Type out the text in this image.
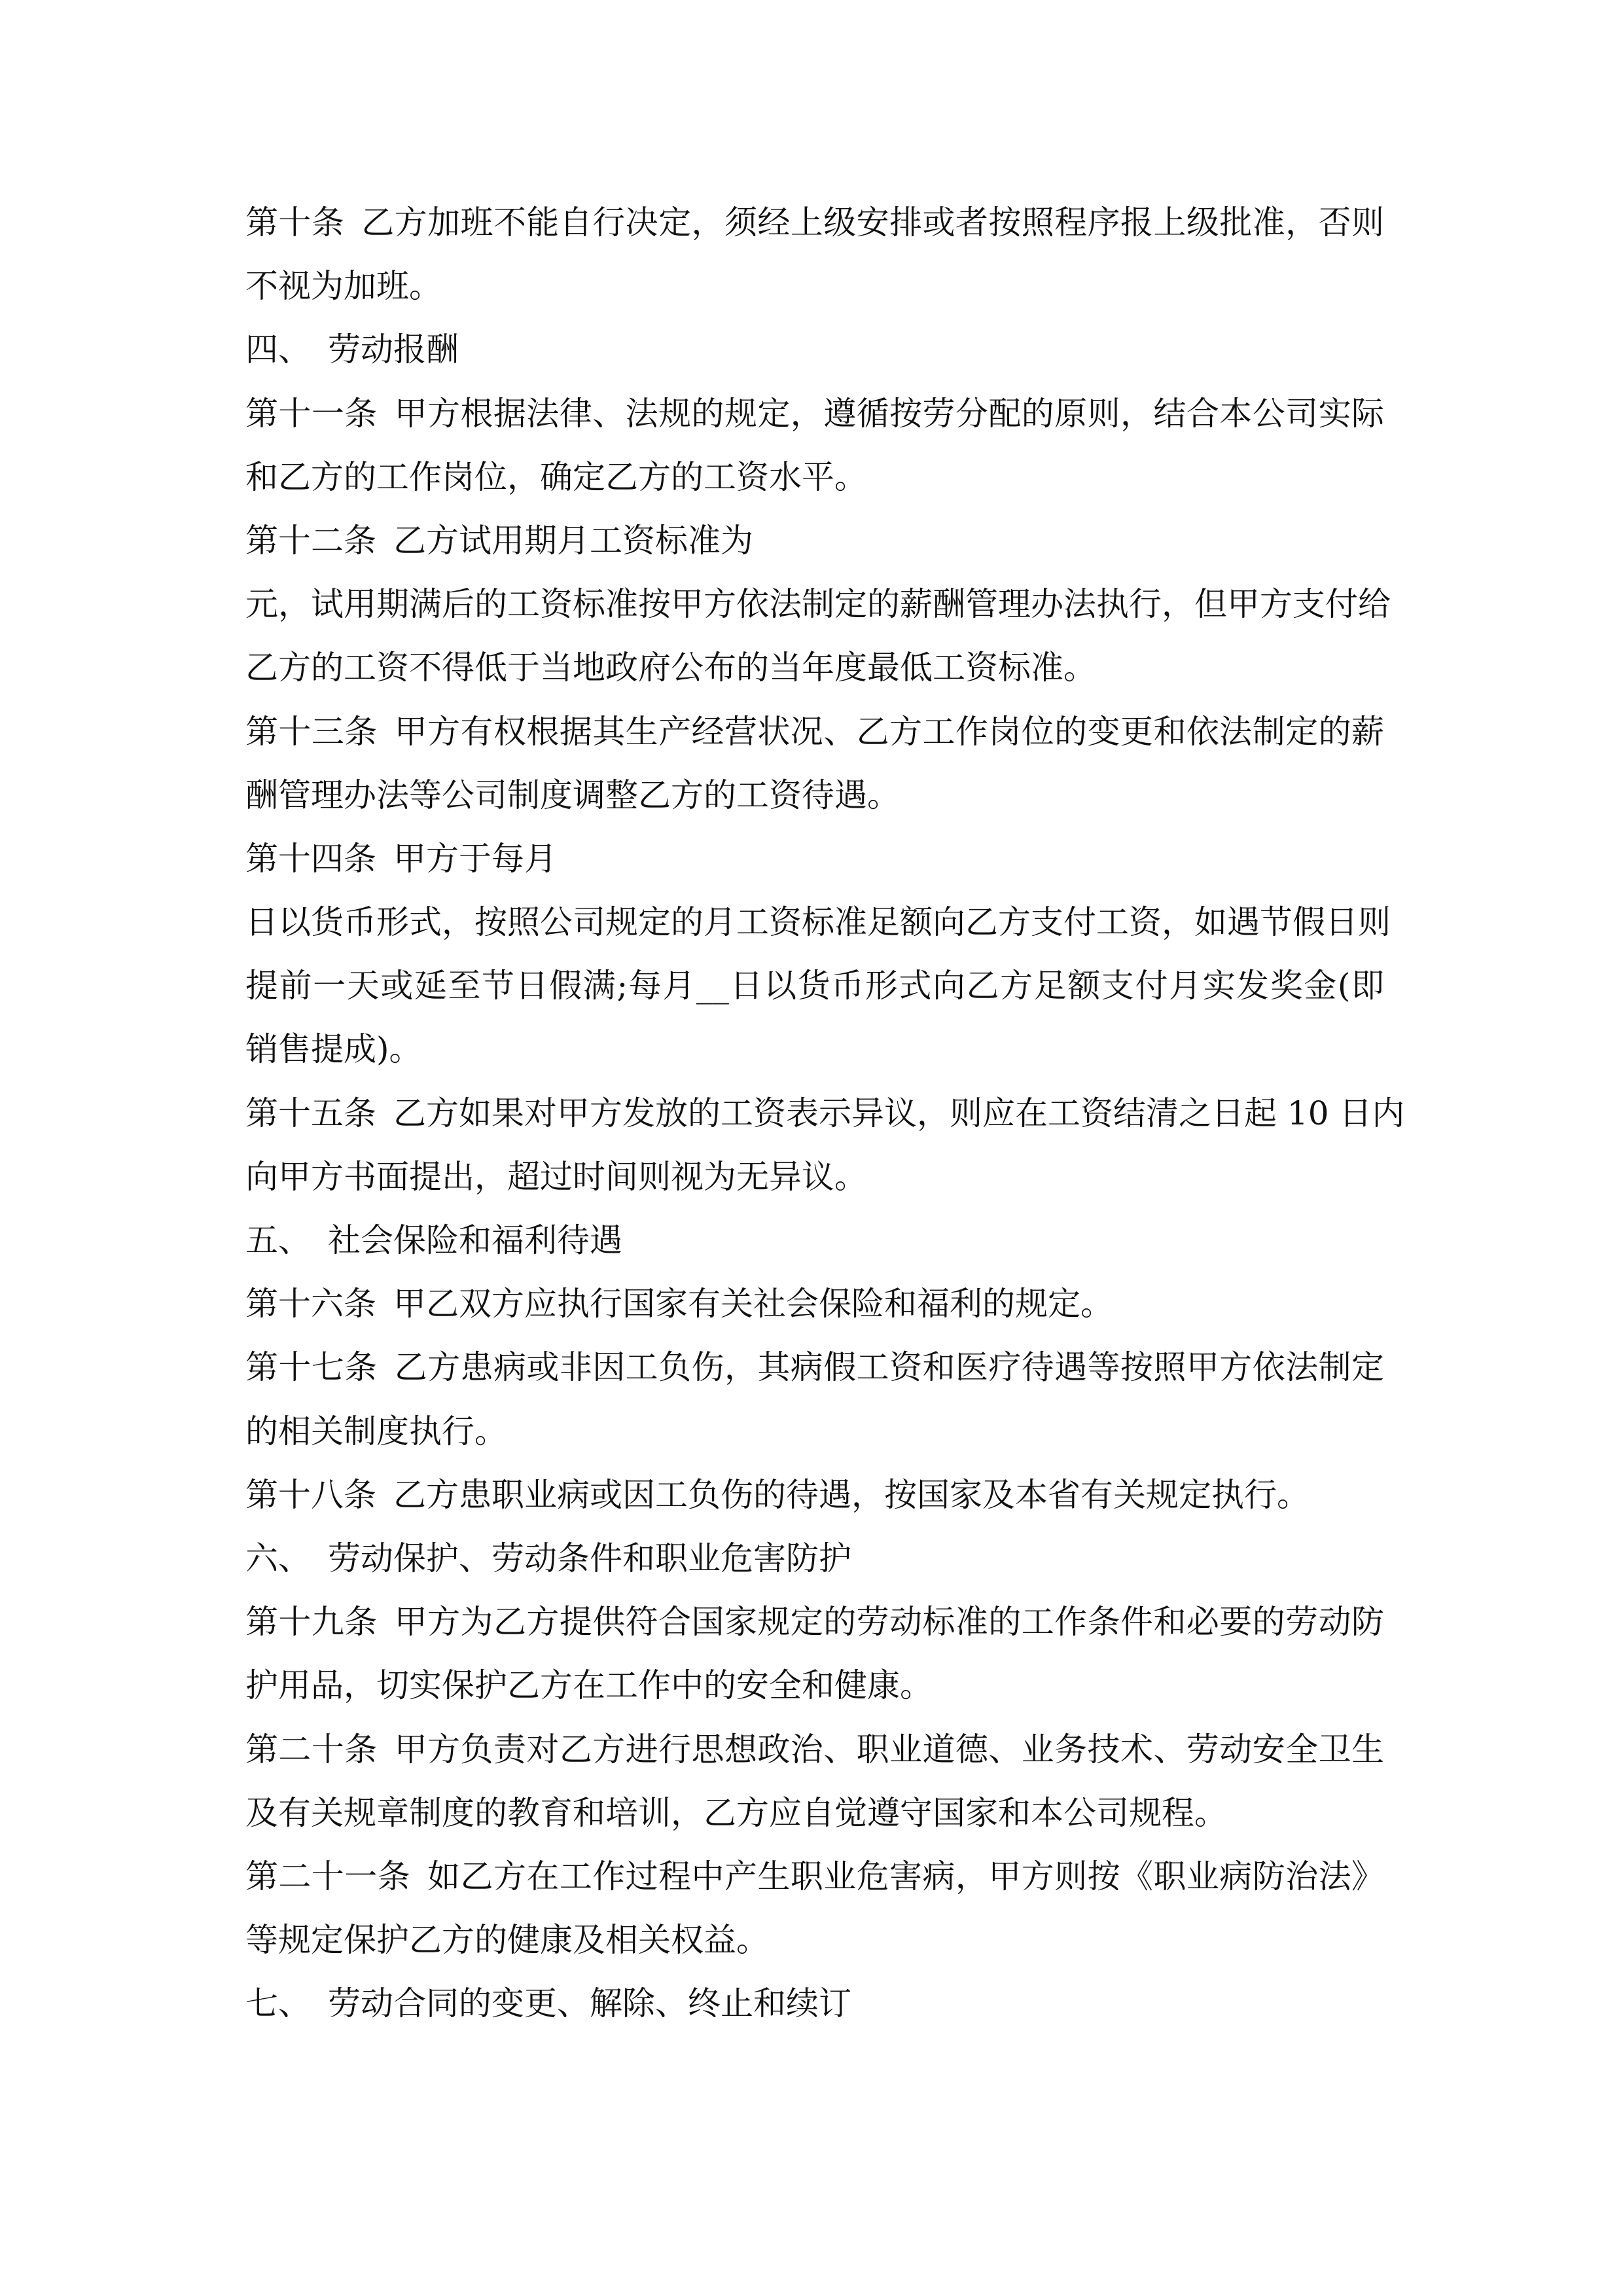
第十条 乙方加班不能自行决定，须经上级安排或者按照程序报上级批准，否则
不视为加班。
四、 劳动报酬
第十一条 甲方根据法律、法规的规定，遵循按劳分配的原则，结合本公司实际
和乙方的工作岗位，确定乙方的工资水平。
第十二条 乙方试用期月工资标准为
元，试用期满后的工资标准按甲方依法制定的薪酬管理办法执行，但甲方支付给
乙方的工资不得低于当地政府公布的当年度最低工资标准。
第十三条 甲方有权根据其生产经营状况、乙方工作岗位的变更和依法制定的薪
酬管理办法等公司制度调整乙方的工资待遇。
第十四条 甲方于每月
日以货币形式，按照公司规定的月工资标准足额向乙方支付工资，如遇节假日则
提前一天或延至节日假满;每月__日以货币形式向乙方足额支付月实发奖金(即
销售提成)。
第十五条 乙方如果对甲方发放的工资表示异议，则应在工资结清之日起 10 日内
向甲方书面提出，超过时间则视为无异议。
五、 社会保险和福利待遇
第十六条 甲乙双方应执行国家有关社会保险和福利的规定。
第十七条 乙方患病或非因工负伤，其病假工资和医疗待遇等按照甲方依法制定
的相关制度执行。
第十八条 乙方患职业病或因工负伤的待遇，按国家及本省有关规定执行。
六、 劳动保护、劳动条件和职业危害防护
第十九条 甲方为乙方提供符合国家规定的劳动标准的工作条件和必要的劳动防
护用品，切实保护乙方在工作中的安全和健康。
第二十条 甲方负责对乙方进行思想政治、职业道德、业务技术、劳动安全卫生
及有关规章制度的教育和培训，乙方应自觉遵守国家和本公司规程。
第二十一条 如乙方在工作过程中产生职业危害病，甲方则按《职业病防治法》
等规定保护乙方的健康及相关权益。
七、 劳动合同的变更、解除、终止和续订
